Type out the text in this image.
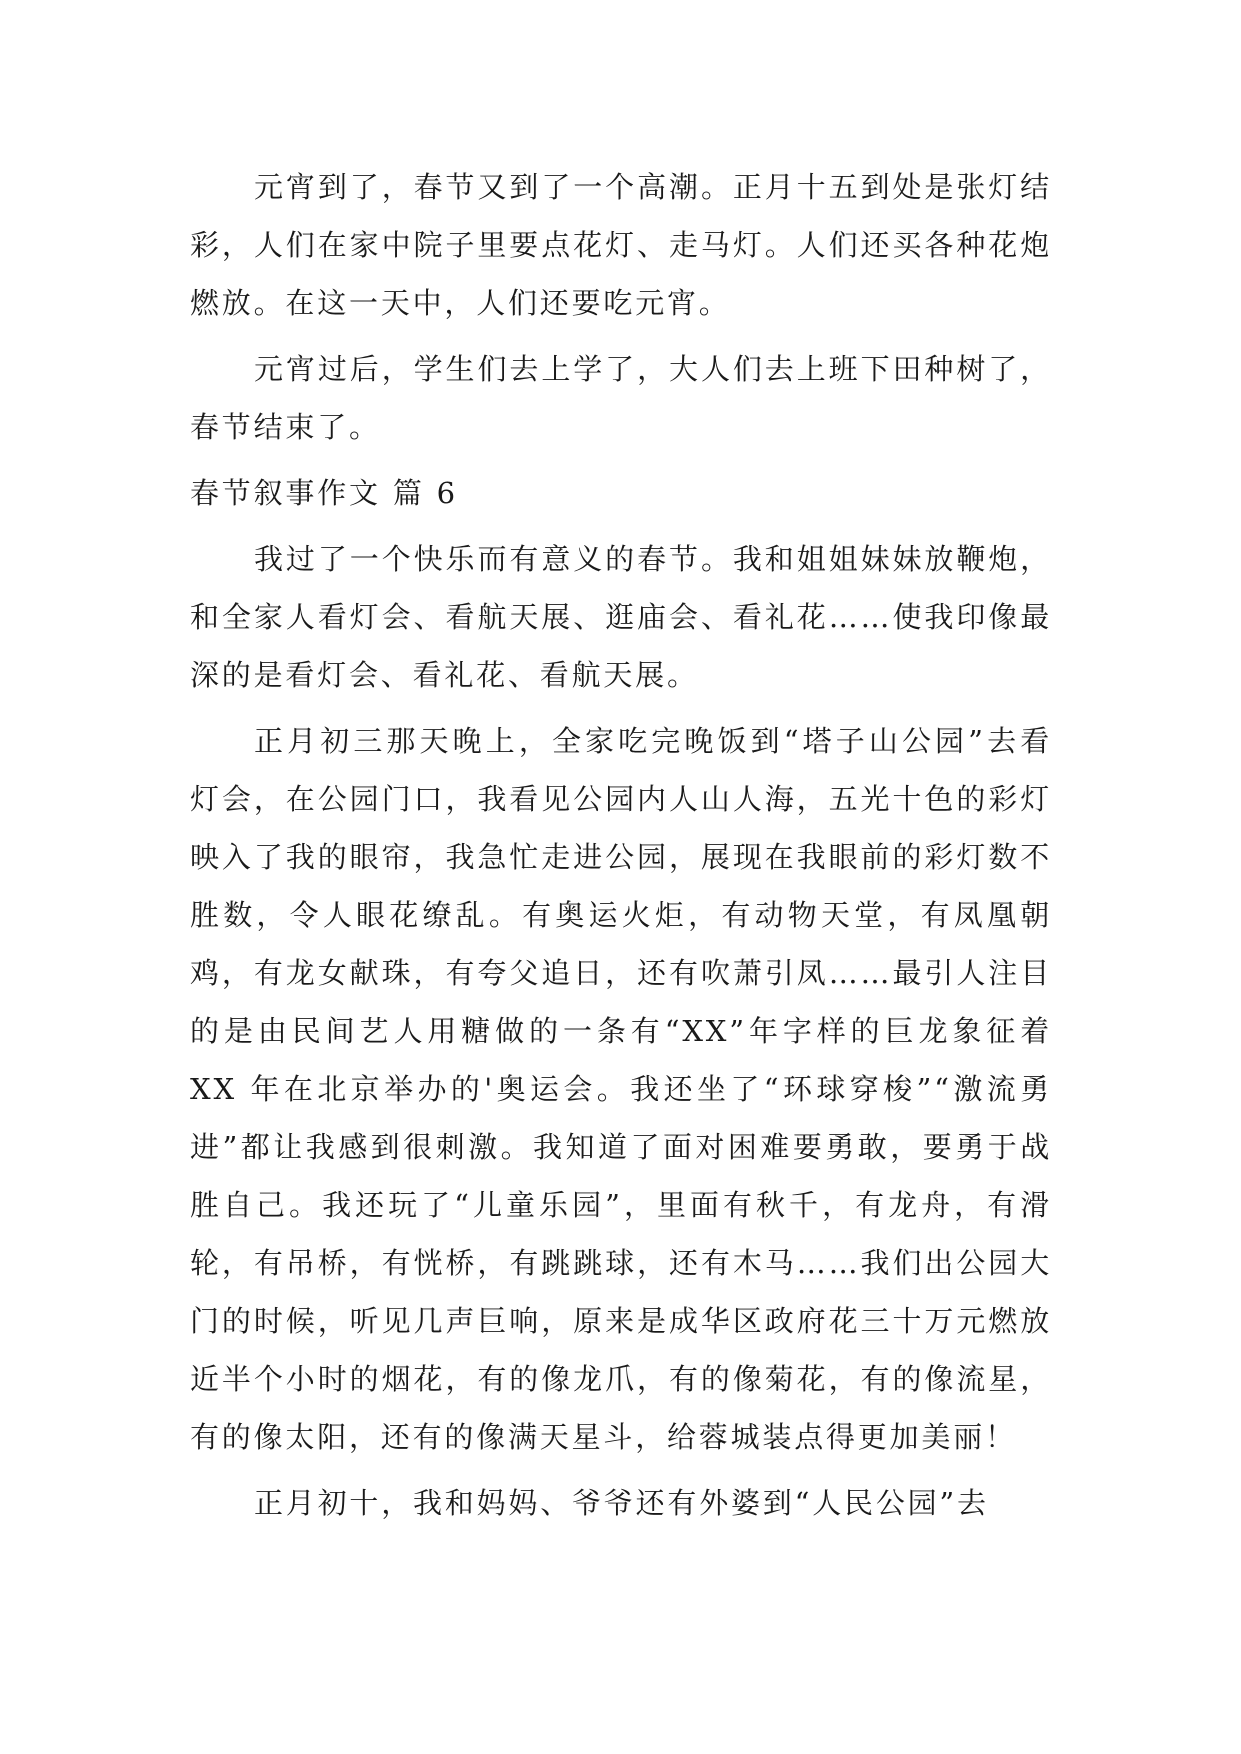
元宵到了，春节又到了一个高潮。正月十五到处是张灯结彩，人们在家中院子里要点花灯、走马灯。人们还买各种花炮燃放。在这一天中，人们还要吃元宵。

元宵过后，学生们去上学了，大人们去上班下田种树了，春节结束了。

春节叙事作文 篇 6

我过了一个快乐而有意义的春节。我和姐姐妹妹放鞭炮，和全家人看灯会、看航天展、逛庙会、看礼花……使我印像最深的是看灯会、看礼花、看航天展。

正月初三那天晚上，全家吃完晚饭到“塔子山公园”去看灯会，在公园门口，我看见公园内人山人海，五光十色的彩灯映入了我的眼帘，我急忙走进公园，展现在我眼前的彩灯数不胜数，令人眼花缭乱。有奥运火炬，有动物天堂，有凤凰朝鸡，有龙女献珠，有夸父追日，还有吹萧引凤……最引人注目的是由民间艺人用糖做的一条有“XX”年字样的巨龙象征着 XX 年在北京举办的'奥运会。我还坐了“环球穿梭”“激流勇进”都让我感到很刺激。我知道了面对困难要勇敢，要勇于战胜自己。我还玩了“儿童乐园”，里面有秋千，有龙舟，有滑轮，有吊桥，有恍桥，有跳跳球，还有木马……我们出公园大门的时候，听见几声巨响，原来是成华区政府花三十万元燃放近半个小时的烟花，有的像龙爪，有的像菊花，有的像流星，有的像太阳，还有的像满天星斗，给蓉城装点得更加美丽！

正月初十，我和妈妈、爷爷还有外婆到“人民公园”去
